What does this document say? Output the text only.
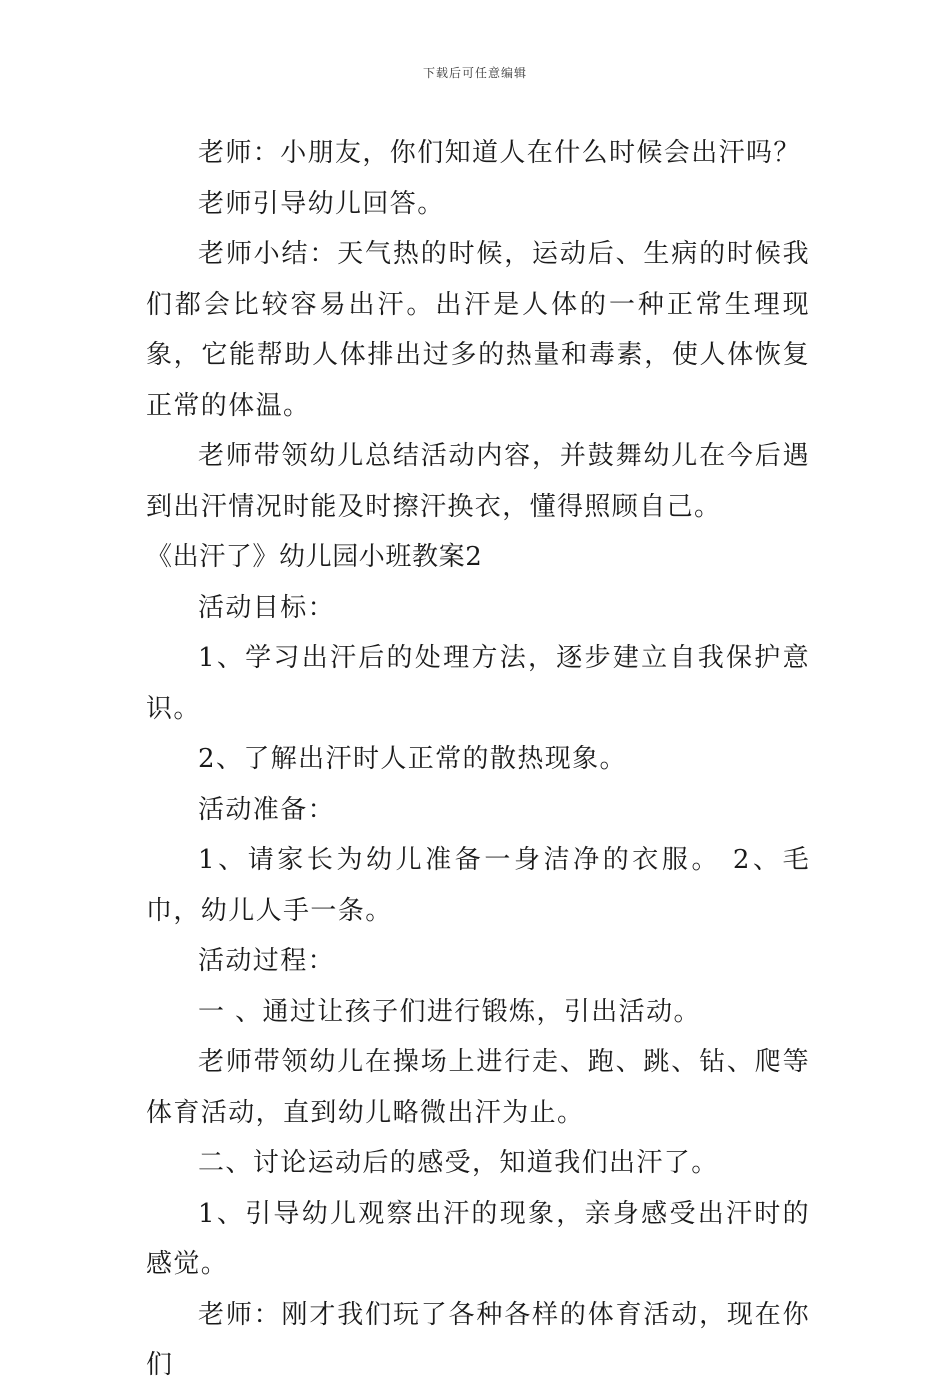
下载后可任意编辑

老师：小朋友，你们知道人在什么时候会出汗吗？

老师引导幼儿回答。

老师小结：天气热的时候，运动后、生病的时候我们都会比较容易出汗。出汗是人体的一种正常生理现象，它能帮助人体排出过多的热量和毒素，使人体恢复正常的体温。

老师带领幼儿总结活动内容，并鼓舞幼儿在今后遇到出汗情况时能及时擦汗换衣，懂得照顾自己。

《出汗了》幼儿园小班教案2

活动目标：

1、学习出汗后的处理方法，逐步建立自我保护意识。

2、了解出汗时人正常的散热现象。

活动准备：

1、请家长为幼儿准备一身洁净的衣服。 2、毛巾，幼儿人手一条。

活动过程：

一 、通过让孩子们进行锻炼，引出活动。

老师带领幼儿在操场上进行走、跑、跳、钻、爬等体育活动，直到幼儿略微出汗为止。

二、讨论运动后的感受，知道我们出汗了。

1、引导幼儿观察出汗的现象，亲身感受出汗时的感觉。

老师：刚才我们玩了各种各样的体育活动，现在你们
